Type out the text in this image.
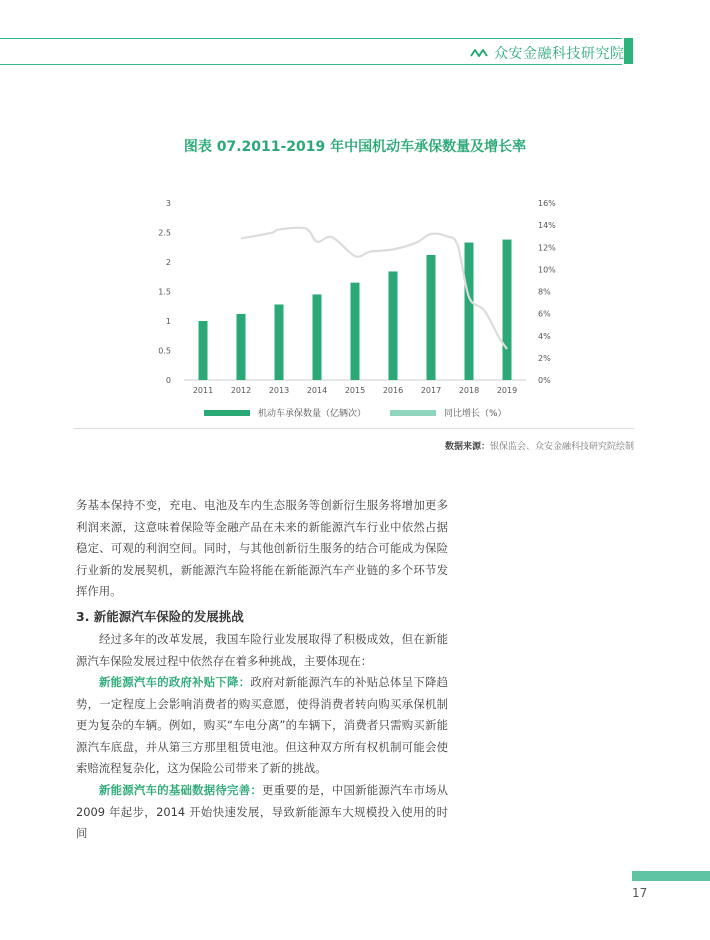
众安金融科技研究院
图表 07.2011-2019 年中国机动车承保数量及增长率
0
0.5
1
1.5
2
2.5
3
0%
2%
4%
6%
8%
10%
12%
14%
16%
2011 2012 2013 2014 2015 2016 2017 2018 2019
机动车承保数量（亿辆次）	同比增长（%）
数据来源：银保监会、众安金融科技研究院绘制
务基本保持不变，充电、电池及车内生态服务等创新衍生服务将增加更多利润来源，这意味着保险等金融产品在未来的新能源汽车行业中依然占据稳定、可观的利润空间。同时，与其他创新衍生服务的结合可能成为保险行业新的发展契机，新能源汽车险将能在新能源汽车产业链的多个环节发挥作用。
3. 新能源汽车保险的发展挑战
经过多年的改革发展，我国车险行业发展取得了积极成效，但在新能源汽车保险发展过程中依然存在着多种挑战，主要体现在：
新能源汽车的政府补贴下降：政府对新能源汽车的补贴总体呈下降趋势，一定程度上会影响消费者的购买意愿，使得消费者转向购买承保机制更为复杂的车辆。例如，购买“车电分离”的车辆下，消费者只需购买新能源汽车底盘，并从第三方那里租赁电池。但这种双方所有权机制可能会使索赔流程复杂化，这为保险公司带来了新的挑战。
新能源汽车的基础数据待完善：更重要的是，中国新能源汽车市场从 2009 年起步，2014 开始快速发展，导致新能源车大规模投入使用的时间
17
